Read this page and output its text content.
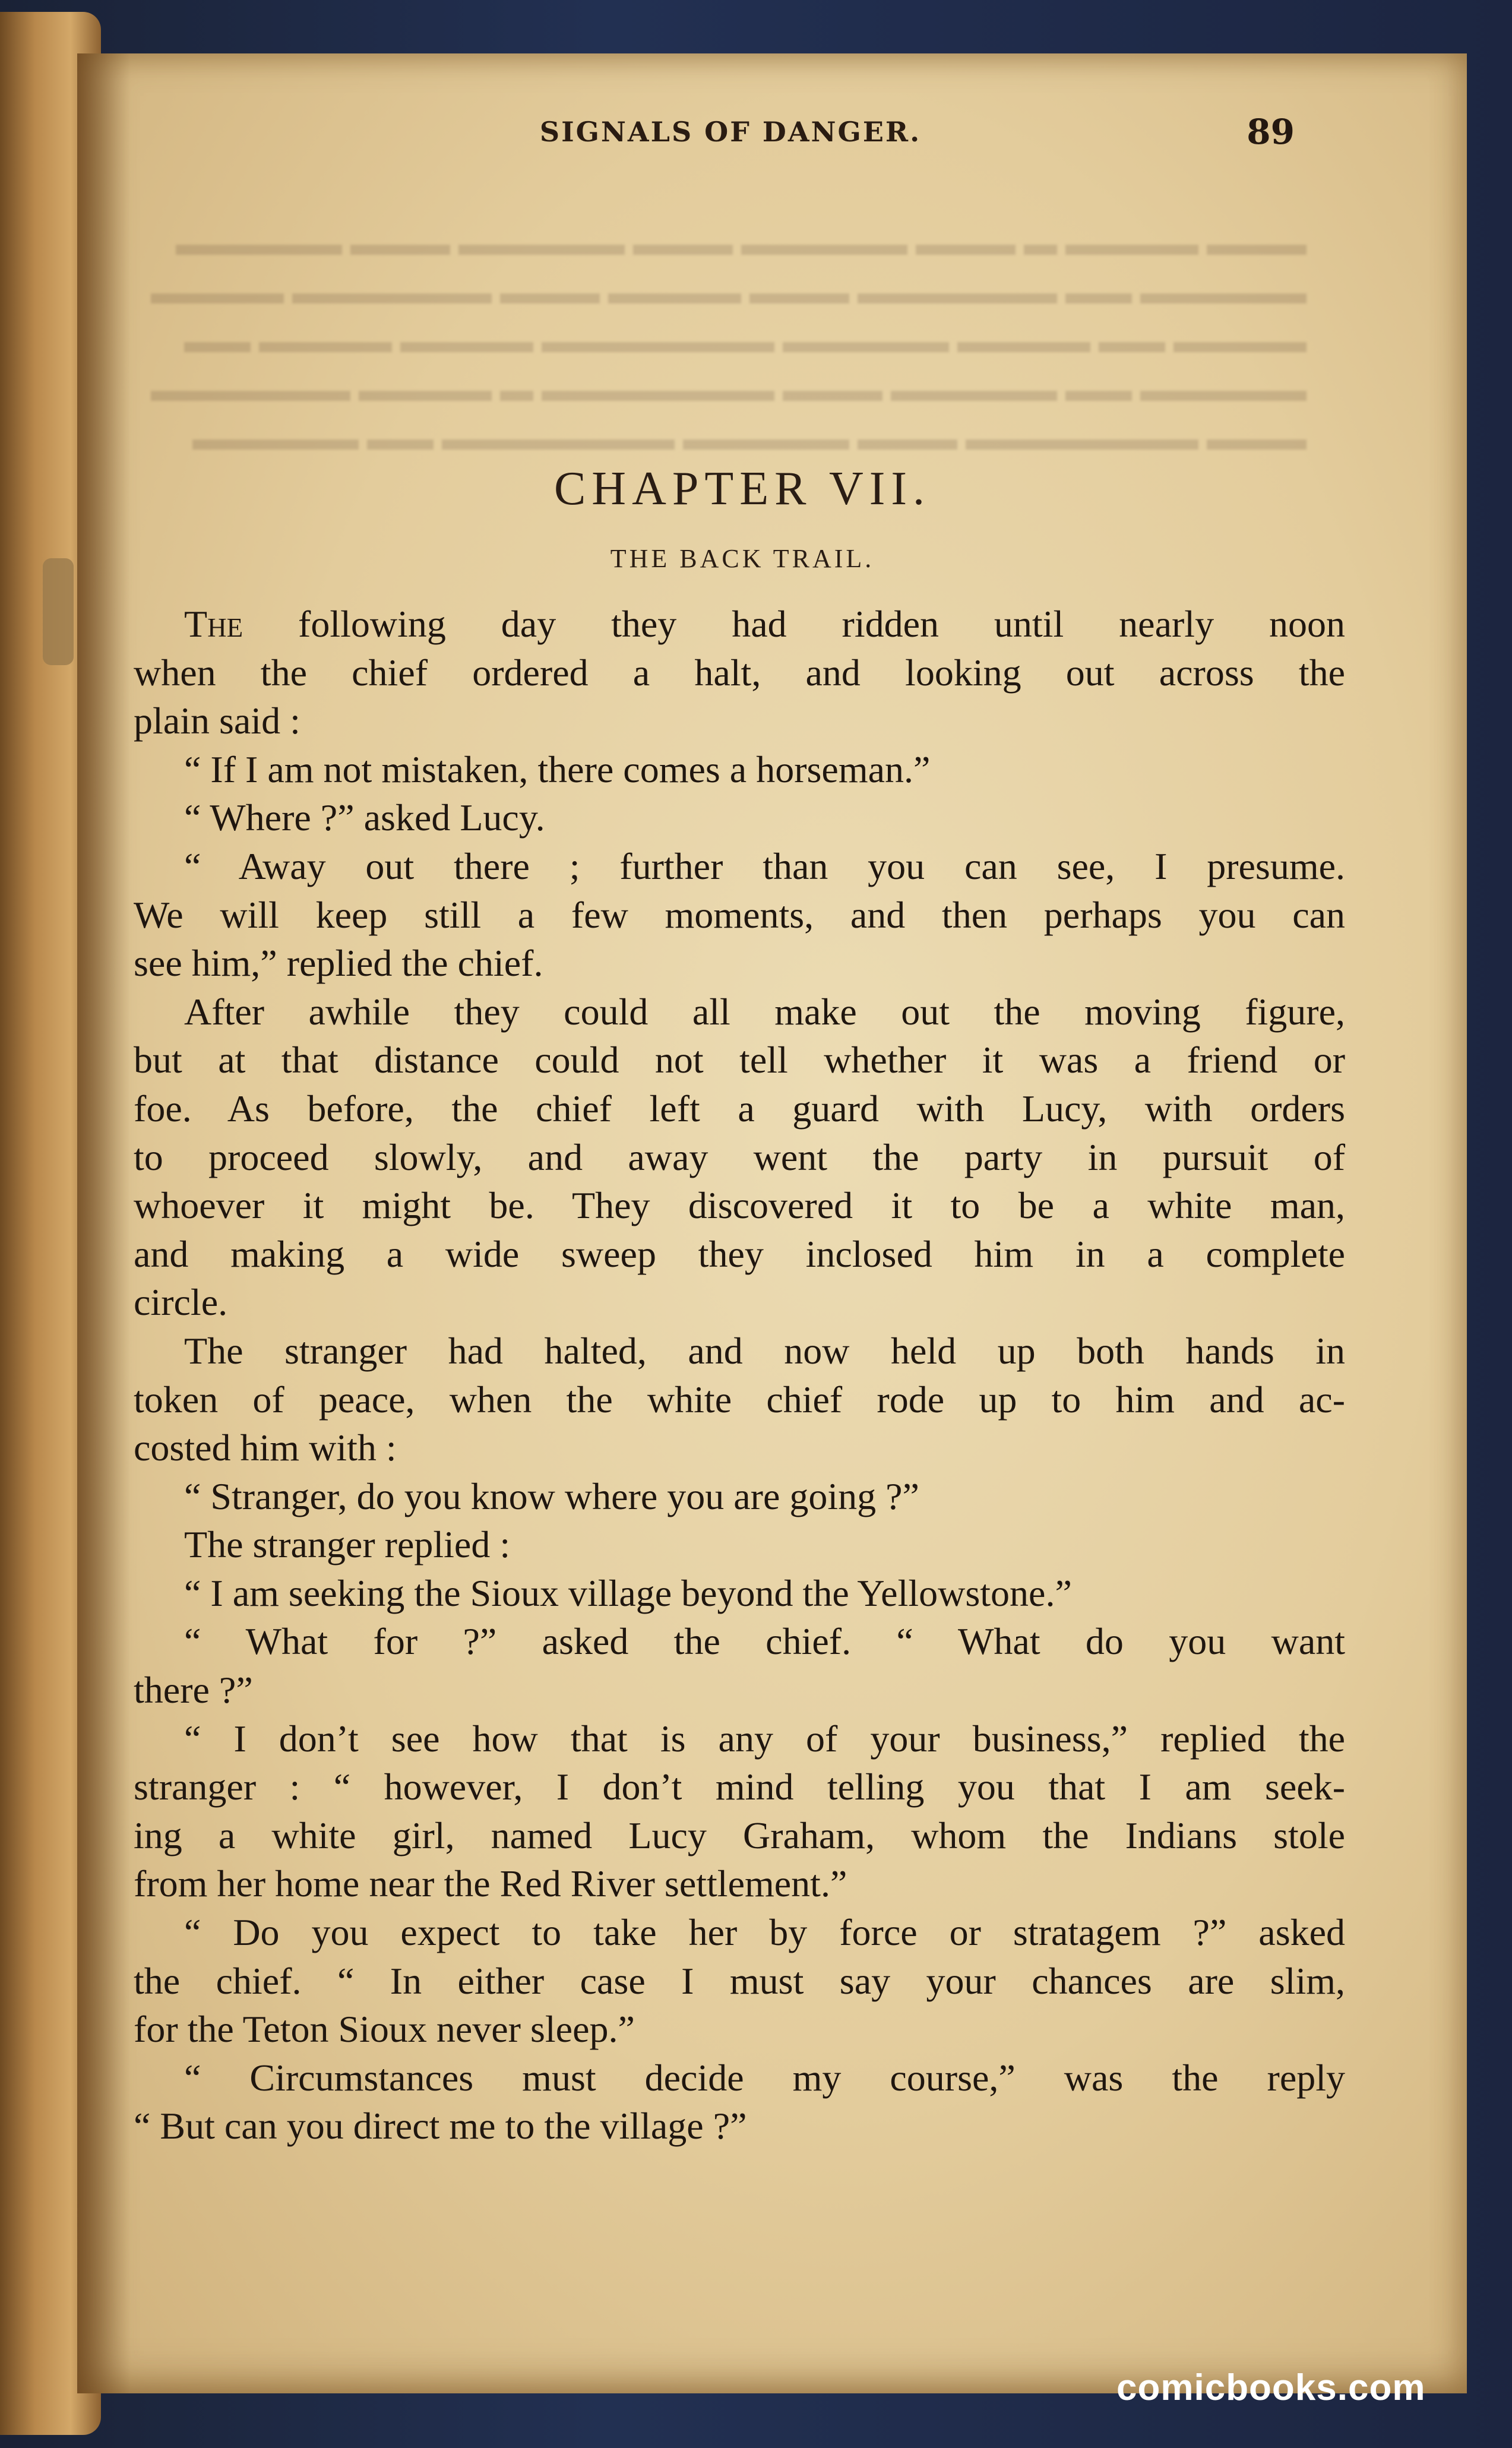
▬▬▬ ▬▬▬▬ ▬ ▬▬▬ ▬▬▬▬▬ ▬▬▬ ▬▬▬▬▬ ▬▬▬ ▬▬▬▬▬
▬▬▬▬▬ ▬▬ ▬▬▬▬▬▬ ▬▬▬ ▬▬▬▬ ▬▬▬ ▬▬▬▬▬▬ ▬▬▬▬
▬▬▬▬ ▬▬ ▬▬▬▬ ▬▬▬▬▬ ▬▬▬▬▬▬▬ ▬▬▬▬ ▬▬▬▬ ▬▬
▬▬▬▬▬ ▬▬ ▬▬▬▬▬ ▬▬▬ ▬▬▬▬▬▬▬ ▬ ▬▬▬▬ ▬▬▬▬▬▬
▬▬▬ ▬▬▬▬▬▬▬ ▬▬▬ ▬▬▬▬▬ ▬▬▬▬▬▬▬ ▬▬ ▬▬▬▬▬
SIGNALS OF DANGER.	89
CHAPTER VII.
THE BACK TRAIL.
The following day they had ridden until nearly noon
when the chief ordered a halt, and looking out across the
plain said :
“ If I am not mistaken, there comes a horseman.”
“ Where ?” asked Lucy.
“ Away out there ; further than you can see, I presume.
We will keep still a few moments, and then perhaps you can
see him,” replied the chief.
After awhile they could all make out the moving figure,
but at that distance could not tell whether it was a friend or
foe. As before, the chief left a guard with Lucy, with orders
to proceed slowly, and away went the party in pursuit of
whoever it might be. They discovered it to be a white man,
and making a wide sweep they inclosed him in a complete
circle.
The stranger had halted, and now held up both hands in
token of peace, when the white chief rode up to him and ac-
costed him with :
“ Stranger, do you know where you are going ?”
The stranger replied :
“ I am seeking the Sioux village beyond the Yellowstone.”
“ What for ?” asked the chief. “ What do you want
there ?”
“ I don’t see how that is any of your business,” replied the
stranger : “ however, I don’t mind telling you that I am seek-
ing a white girl, named Lucy Graham, whom the Indians stole
from her home near the Red River settlement.”
“ Do you expect to take her by force or stratagem ?” asked
the chief. “ In either case I must say your chances are slim,
for the Teton Sioux never sleep.”
“ Circumstances must decide my course,” was the reply
“ But can you direct me to the village ?”
comicbooks.com
